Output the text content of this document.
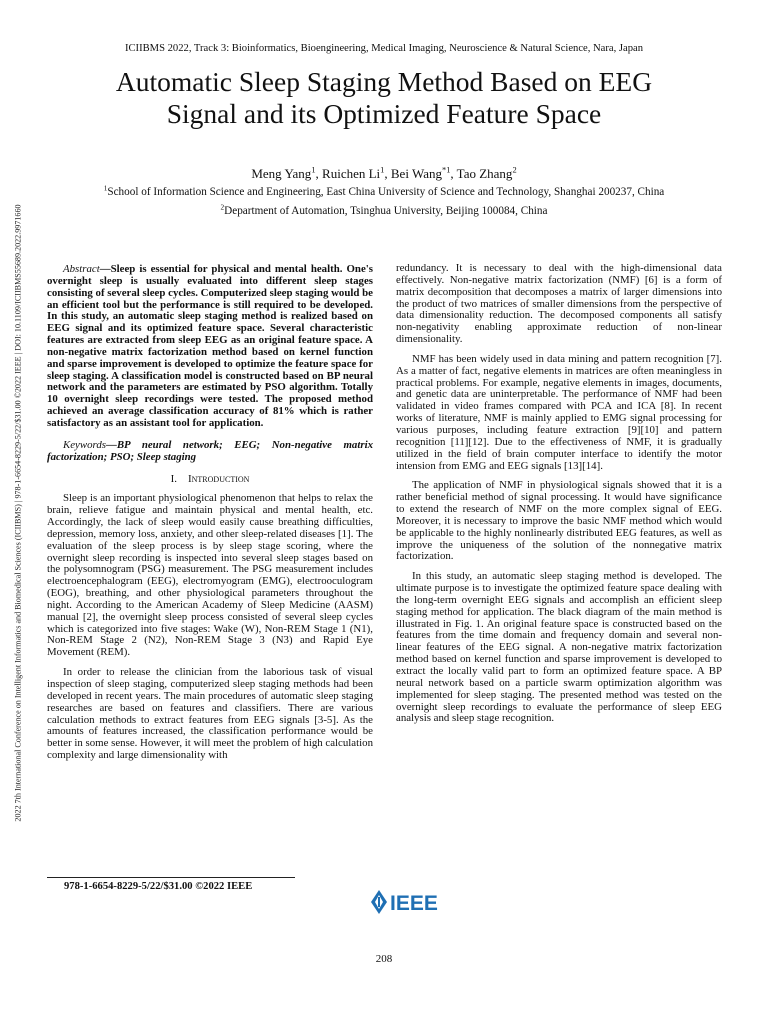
ICIIBMS 2022, Track 3: Bioinformatics, Bioengineering, Medical Imaging, Neuroscience & Natural Science, Nara, Japan
Automatic Sleep Staging Method Based on EEG
Signal and its Optimized Feature Space
Meng Yang$^1$, Ruichen Li$^1$, Bei Wang$^{*1}$, Tao Zhang$^2$
$^1$School of Information Science and Engineering, East China University of Science and Technology, Shanghai 200237, China
$^2$Department of Automation, Tsinghua University, Beijing 100084, China
2022 7th International Conference on Intelligent Informatics and Biomedical Sciences (ICIIBMS) | 978-1-6654-8229-5/22/$31.00 ©2022 IEEE | DOI: 10.1109/ICIIBMS55689.2022.9971660	Abstract—Sleep is essential for physical and mental health. One's overnight sleep is usually evaluated into different sleep stages consisting of several sleep cycles. Computerized sleep staging would be an efficient tool but the performance is still required to be developed. In this study, an automatic sleep staging method is realized based on EEG signal and its optimized feature space. Several characteristic features are extracted from sleep EEG as an original feature space. A non-negative matrix factorization method based on kernel function and sparse improvement is developed to optimize the feature space for sleep staging. A classification model is constructed based on BP neural network and the parameters are estimated by PSO algorithm. Totally 10 overnight sleep recordings were tested. The proposed method achieved an average classification accuracy of 81% which is rather satisfactory as an assistant tool for application.

Keywords—BP neural network; EEG; Non-negative matrix factorization; PSO; Sleep staging

I. Introduction

Sleep is an important physiological phenomenon that helps to relax the brain, relieve fatigue and maintain physical and mental health, etc. Accordingly, the lack of sleep would easily cause breathing difficulties, depression, memory loss, anxiety, and other sleep-related diseases [1]. The evaluation of the sleep process is by sleep stage scoring, where the overnight sleep recording is inspected into several sleep stages based on the polysomnogram (PSG) measurement. The PSG measurement includes electroencephalogram (EEG), electromyogram (EMG), electrooculogram (EOG), breathing, and other physiological parameters throughout the night. According to the American Academy of Sleep Medicine (AASM) manual [2], the overnight sleep process consisted of several sleep cycles which is categorized into five stages: Wake (W), Non-REM Stage 1 (N1), Non-REM Stage 2 (N2), Non-REM Stage 3 (N3) and Rapid Eye Movement (REM).

In order to release the clinician from the laborious task of visual inspection of sleep staging, computerized sleep staging methods had been developed in recent years. The main procedures of automatic sleep staging researches are based on features and classifiers. There are various calculation methods to extract features from EEG signals [3-5]. As the amounts of features increased, the classification performance would be better in some sense. However, it will meet the problem of high calculation complexity and large dimensionality with

redundancy. It is necessary to deal with the high-dimensional data effectively. Non-negative matrix factorization (NMF) [6] is a form of matrix decomposition that decomposes a matrix of larger dimensions into the product of two matrices of smaller dimensions from the perspective of data dimensionality reduction. The decomposed components all satisfy non-negativity enabling approximate reduction of non-linear dimensionality.

NMF has been widely used in data mining and pattern recognition [7]. As a matter of fact, negative elements in matrices are often meaningless in practical problems. For example, negative elements in images, documents, and genetic data are uninterpretable. The performance of NMF had been validated in video frames compared with PCA and ICA [8]. In recent works of literature, NMF is mainly applied to EMG signal processing for various purposes, including feature extraction [9][10] and pattern recognition [11][12]. Due to the effectiveness of NMF, it is gradually utilized in the field of brain computer interface to identify the motor intension from EMG and EEG signals [13][14].

The application of NMF in physiological signals showed that it is a rather beneficial method of signal processing. It would have significance to extend the research of NMF on the more complex signal of EEG. Moreover, it is necessary to improve the basic NMF method which would be applicable to the highly nonlinearly distributed EEG features, as well as improve the uniqueness of the solution of the nonnegative matrix factorization.

In this study, an automatic sleep staging method is developed. The ultimate purpose is to investigate the optimized feature space dealing with the long-term overnight EEG signals and accomplish an efficient sleep staging method for application. The black diagram of the main method is illustrated in Fig. 1. An original feature space is constructed based on the features from the time domain and frequency domain and several non-linear features of the EEG signal. A non-negative matrix factorization method based on kernel function and sparse improvement is developed to extract the locally valid part to form an optimized feature space. A BP neural network based on a particle swarm optimization algorithm was implemented for sleep staging. The presented method was tested on the overnight sleep recordings to evaluate the performance of sleep EEG analysis and sleep stage recognition.

978-1-6654-8229-5/22/$31.00 ©2022 IEEE
IEEE
208
